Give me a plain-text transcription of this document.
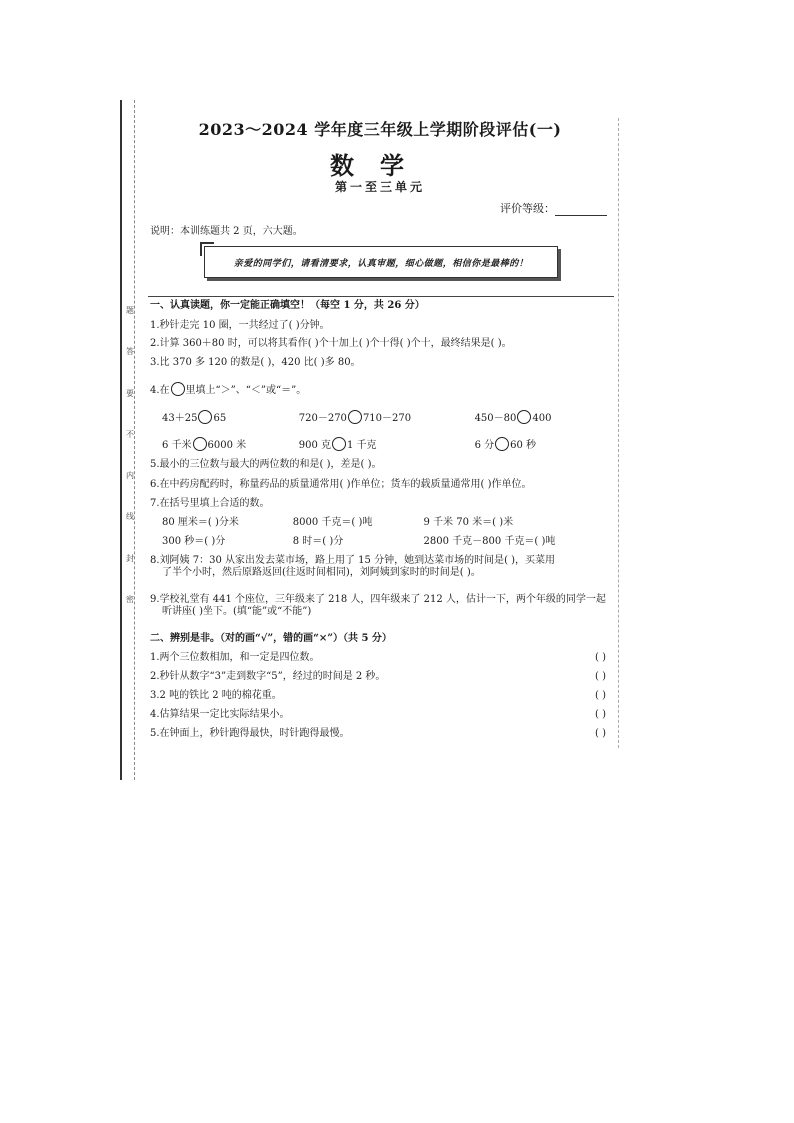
题
答
要
不
内
线
封
密
2023～2024 学年度三年级上学期阶段评估(一)
数学
第一至三单元
评价等级：
说明：本训练题共 2 页，六大题。
亲爱的同学们，请看清要求，认真审题，细心做题，相信你是最棒的！
一、认真读题，你一定能正确填空！（每空 1 分，共 26 分）
1.秒针走完 10 圈，一共经过了( )分钟。
2.计算 360＋80 时，可以将其看作( )个十加上( )个十得( )个十，最终结果是( )。
3.比 370 多 120 的数是( )，420 比( )多 80。
4.在 里填上“＞”、“＜”或“＝”。
43＋25 65	720－270 710－270	450－80 400
6 千米 6000 米	900 克 1 千克	6 分 60 秒
5.最小的三位数与最大的两位数的和是( )，差是( )。
6.在中药房配药时，称量药品的质量通常用( )作单位；货车的载质量通常用( )作单位。
7.在括号里填上合适的数。
80 厘米＝( )分米	8000 千克＝( )吨	9 千米 70 米＝( )米
300 秒＝( )分	8 时＝( )分	2800 千克－800 千克＝( )吨
8.刘阿姨 7：30 从家出发去菜市场，路上用了 15 分钟，她到达菜市场的时间是( )，买菜用
了半个小时，然后原路返回(往返时间相同)，刘阿姨到家时的时间是( )。
9.学校礼堂有 441 个座位，三年级来了 218 人，四年级来了 212 人，估计一下，两个年级的同学一起
听讲座( )坐下。(填“能”或“不能”)
二、辨别是非。（对的画“√”，错的画“×”）（共 5 分）
1.两个三位数相加，和一定是四位数。	( )
2.秒针从数字“3”走到数字“5”，经过的时间是 2 秒。	( )
3.2 吨的铁比 2 吨的棉花重。	( )
4.估算结果一定比实际结果小。	( )
5.在钟面上，秒针跑得最快，时针跑得最慢。	( )
